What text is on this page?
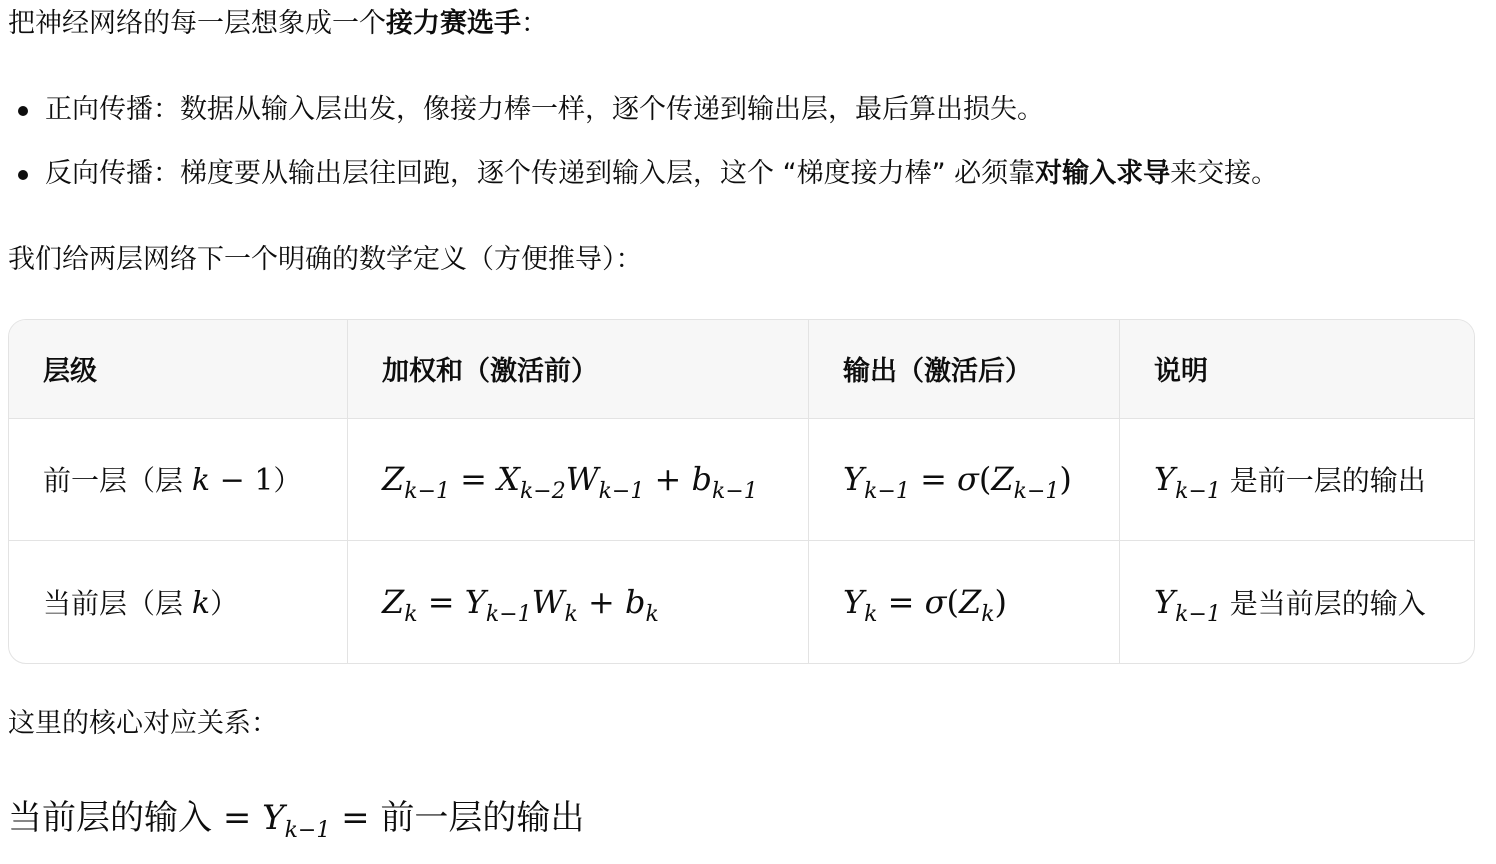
把神经网络的每一层想象成一个接力赛选手：

正向传播：数据从输入层出发，像接力棒一样，逐个传递到输出层，最后算出损失。
反向传播：梯度要从输出层往回跑，逐个传递到输入层，这个 “梯度接力棒” 必须靠对输入求导来交接。

我们给两层网络下一个明确的数学定义（方便推导）：

层级	加权和（激活前）	输出（激活后）	说明
前一层（层 k − 1）	$Z_{k-1} = X_{k-2}W_{k-1} + b_{k-1}$	$Y_{k-1} = \sigma(Z_{k-1})$	$Y_{k-1}$ 是前一层的输出
当前层（层 k）	$Z_k = Y_{k-1}W_k + b_k$	$Y_k = \sigma(Z_k)$	$Y_{k-1}$ 是当前层的输入

这里的核心对应关系：

当前层的输入 = $Y_{k-1}$ = 前一层的输出
